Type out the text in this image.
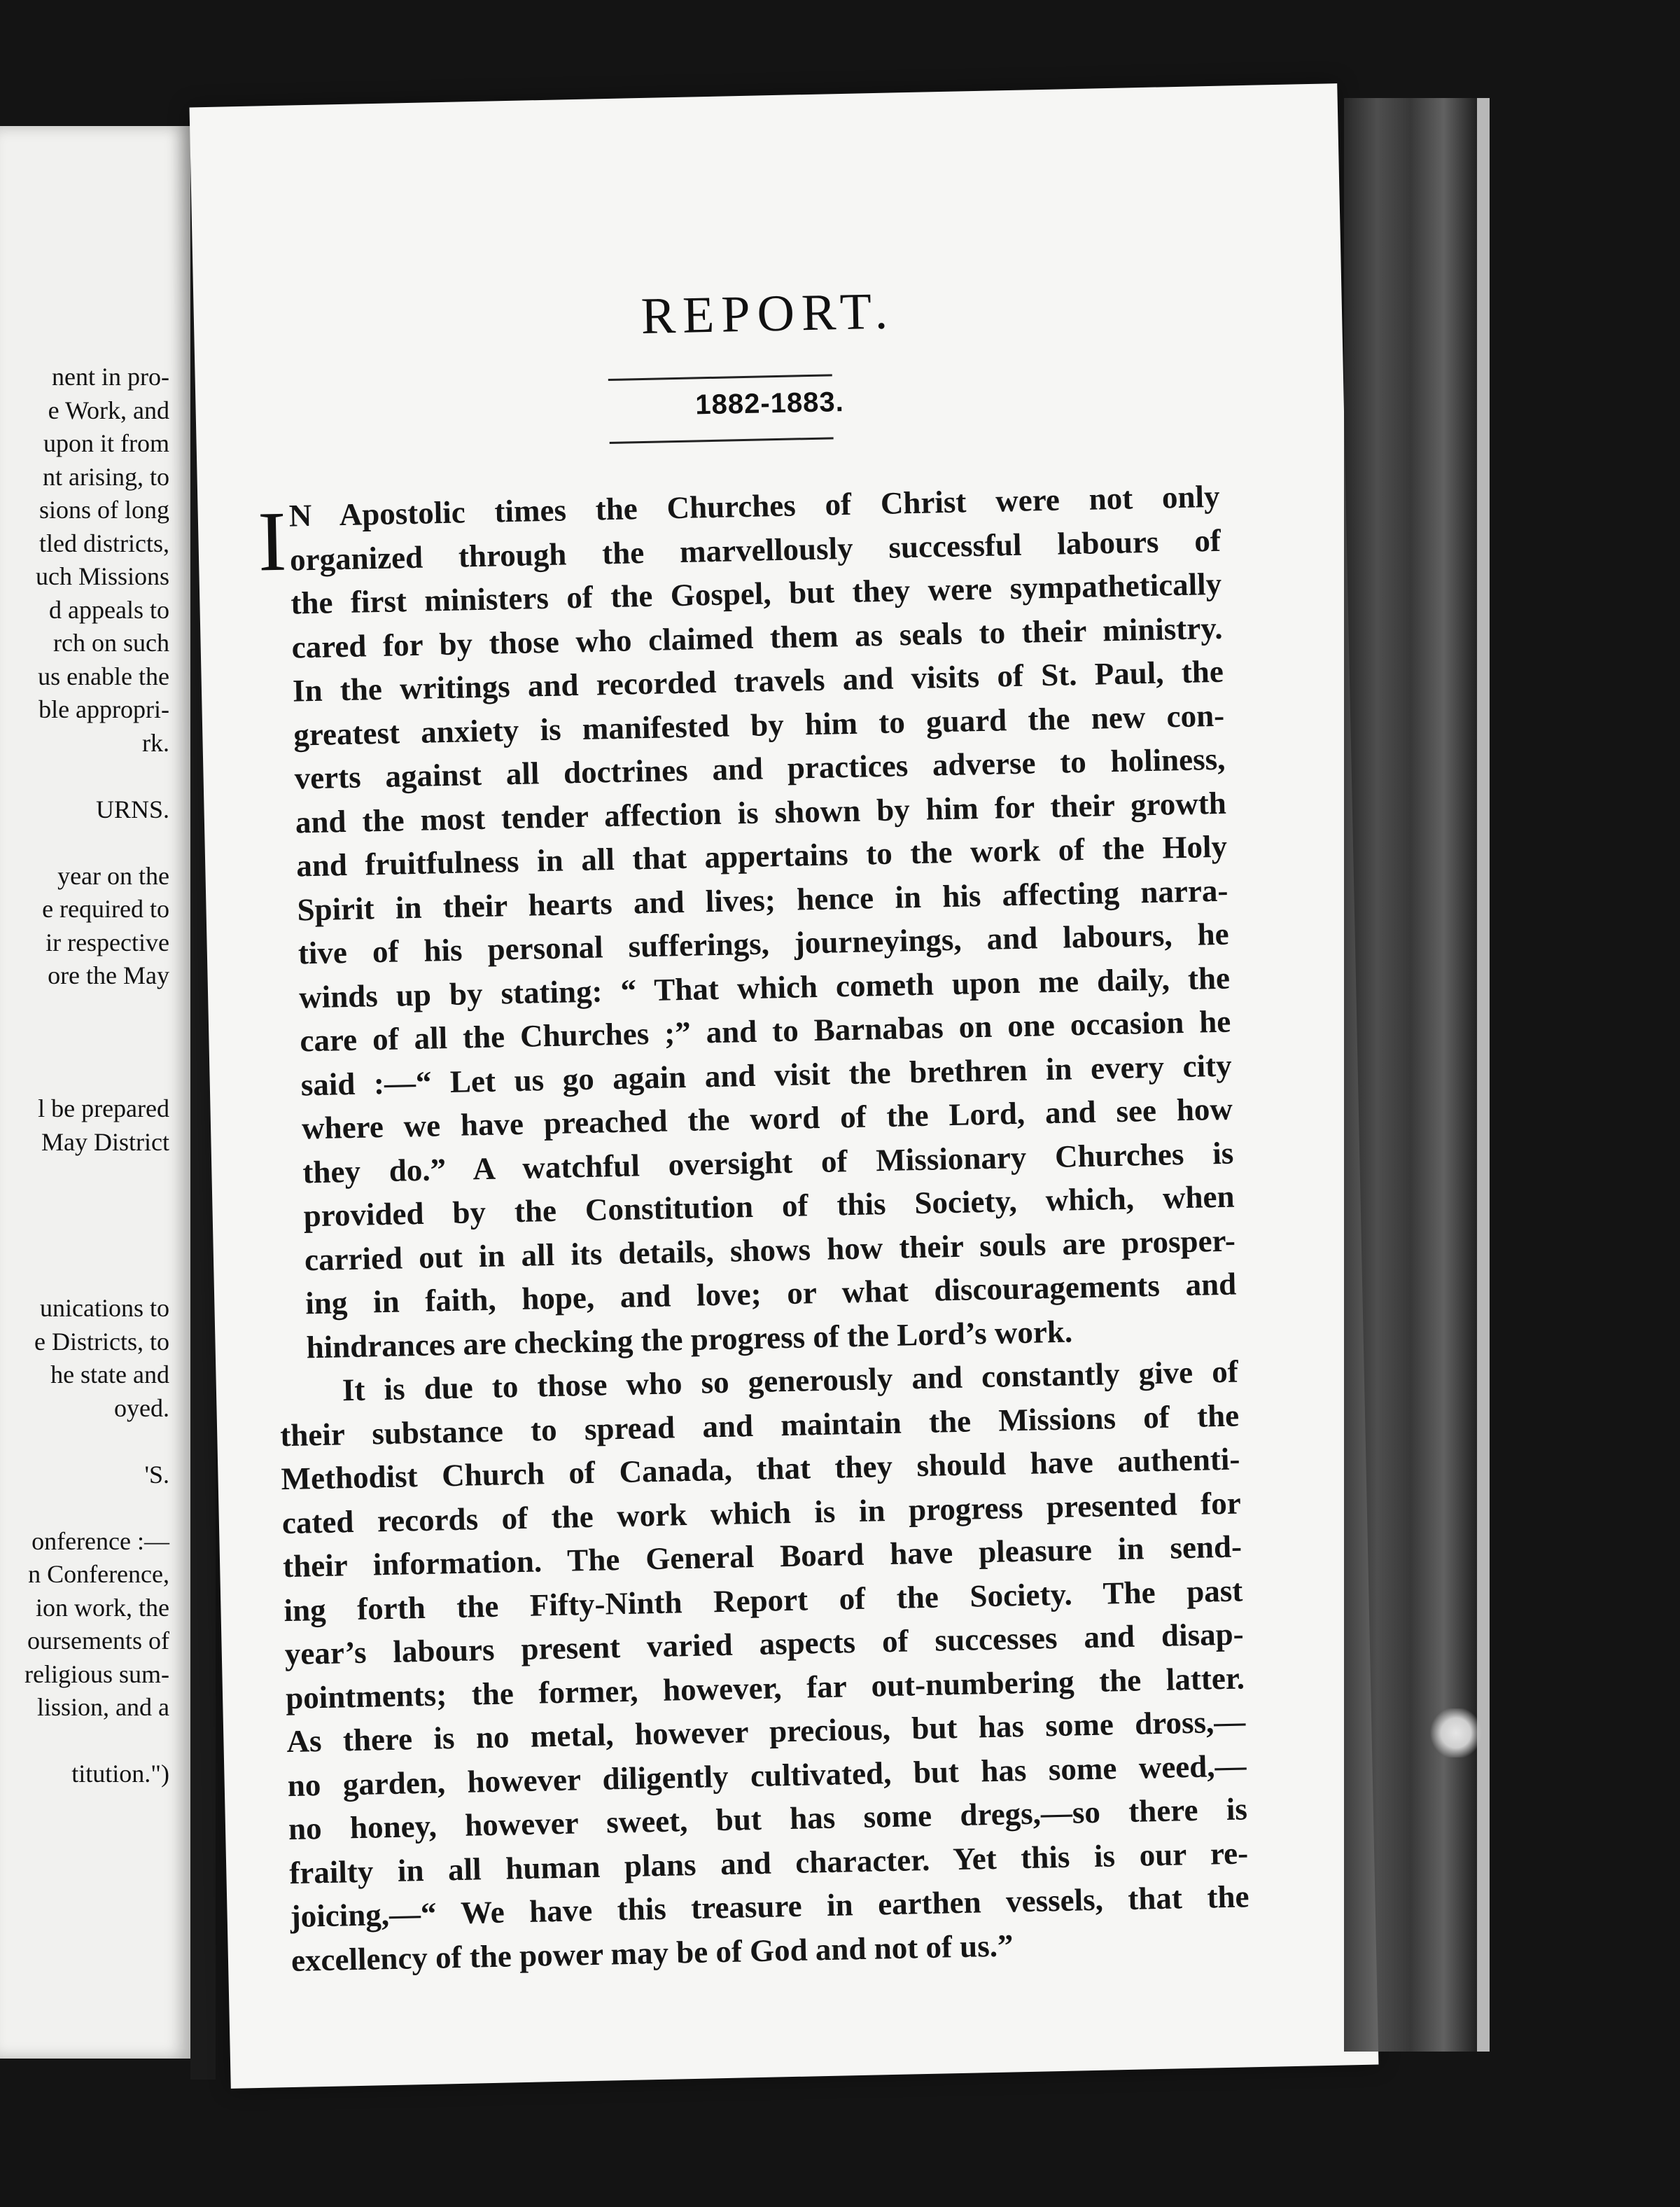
nent in pro-
e Work, and
upon it from
nt arising, to
sions of long
tled districts,
uch Missions
d appeals to
rch on such
us enable the
ble appropri-
rk.
URNS.
year on the
e required to
ir respective
ore the May
l be prepared
May District
unications to
e Districts, to
he state and
oyed.
'S.
onference :—
n Conference,
ion work, the
oursements of
religious sum-
lission, and a
titution.")
REPORT.
1882-1883.
I N Apostolic times the Churches of Christ were not only
organized through the marvellously successful labours of
the first ministers of the Gospel, but they were sympathetically
cared for by those who claimed them as seals to their ministry.
In the writings and recorded travels and visits of St. Paul, the
greatest anxiety is manifested by him to guard the new con-
verts against all doctrines and practices adverse to holiness,
and the most tender affection is shown by him for their growth
and fruitfulness in all that appertains to the work of the Holy
Spirit in their hearts and lives; hence in his affecting narra-
tive of his personal sufferings, journeyings, and labours, he
winds up by stating: “ That which cometh upon me daily, the
care of all the Churches ;” and to Barnabas on one occasion he
said :—“ Let us go again and visit the brethren in every city
where we have preached the word of the Lord, and see how
they do.” A watchful oversight of Missionary Churches is
provided by the Constitution of this Society, which, when
carried out in all its details, shows how their souls are prosper-
ing in faith, hope, and love; or what discouragements and
hindrances are checking the progress of the Lord’s work.
It is due to those who so generously and constantly give of
their substance to spread and maintain the Missions of the
Methodist Church of Canada, that they should have authenti-
cated records of the work which is in progress presented for
their information. The General Board have pleasure in send-
ing forth the Fifty-Ninth Report of the Society. The past
year’s labours present varied aspects of successes and disap-
pointments; the former, however, far out-numbering the latter.
As there is no metal, however precious, but has some dross,—
no garden, however diligently cultivated, but has some weed,—
no honey, however sweet, but has some dregs,—so there is
frailty in all human plans and character. Yet this is our re-
joicing,—“ We have this treasure in earthen vessels, that the
excellency of the power may be of God and not of us.”
